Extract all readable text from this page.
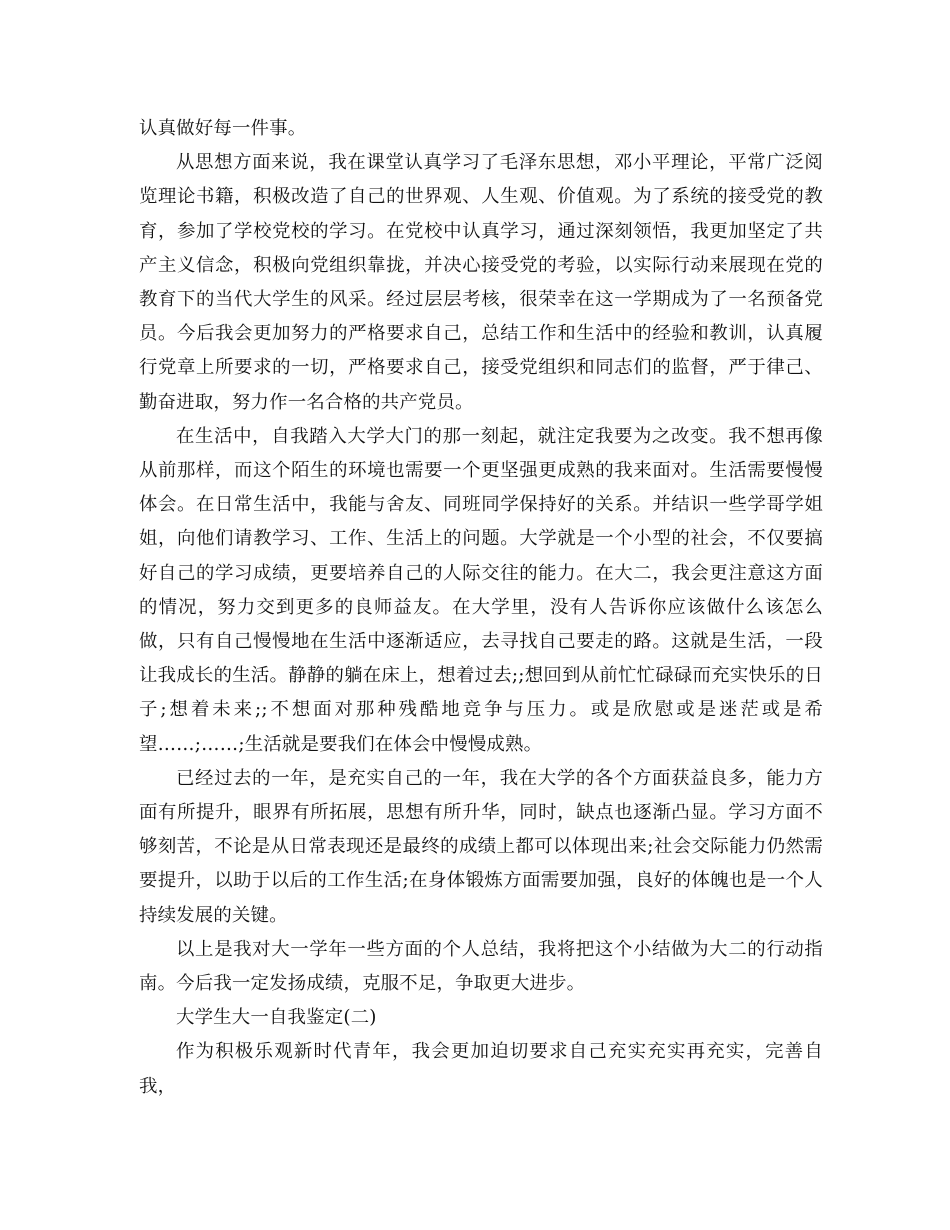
认真做好每一件事。

从思想方面来说，我在课堂认真学习了毛泽东思想，邓小平理论，平常广泛阅览理论书籍，积极改造了自己的世界观、人生观、价值观。为了系统的接受党的教育，参加了学校党校的学习。在党校中认真学习，通过深刻领悟，我更加坚定了共产主义信念，积极向党组织靠拢，并决心接受党的考验，以实际行动来展现在党的教育下的当代大学生的风采。经过层层考核，很荣幸在这一学期成为了一名预备党员。今后我会更加努力的严格要求自己，总结工作和生活中的经验和教训，认真履行党章上所要求的一切，严格要求自己，接受党组织和同志们的监督，严于律己、勤奋进取，努力作一名合格的共产党员。

在生活中，自我踏入大学大门的那一刻起，就注定我要为之改变。我不想再像从前那样，而这个陌生的环境也需要一个更坚强更成熟的我来面对。生活需要慢慢体会。在日常生活中，我能与舍友、同班同学保持好的关系。并结识一些学哥学姐姐，向他们请教学习、工作、生活上的问题。大学就是一个小型的社会，不仅要搞好自己的学习成绩，更要培养自己的人际交往的能力。在大二，我会更注意这方面的情况，努力交到更多的良师益友。在大学里，没有人告诉你应该做什么该怎么做，只有自己慢慢地在生活中逐渐适应，去寻找自己要走的路。这就是生活，一段让我成长的生活。静静的躺在床上，想着过去;;想回到从前忙忙碌碌而充实快乐的日子;想着未来;;不想面对那种残酷地竞争与压力。或是欣慰或是迷茫或是希望……;……;生活就是要我们在体会中慢慢成熟。

已经过去的一年，是充实自己的一年，我在大学的各个方面获益良多，能力方面有所提升，眼界有所拓展，思想有所升华，同时，缺点也逐渐凸显。学习方面不够刻苦，不论是从日常表现还是最终的成绩上都可以体现出来;社会交际能力仍然需要提升，以助于以后的工作生活;在身体锻炼方面需要加强，良好的体魄也是一个人持续发展的关键。

以上是我对大一学年一些方面的个人总结，我将把这个小结做为大二的行动指南。今后我一定发扬成绩，克服不足，争取更大进步。

大学生大一自我鉴定(二)

作为积极乐观新时代青年，我会更加迫切要求自己充实充实再充实，完善自我，
